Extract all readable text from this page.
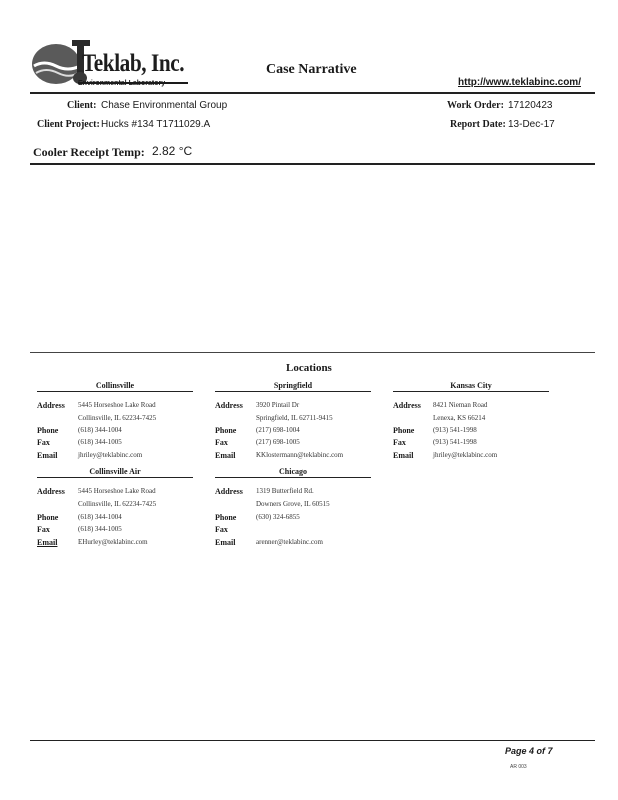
Teklab, Inc.
Environmental Laboratory
Case Narrative
http://www.teklabinc.com/
Client: Chase Environmental Group
Client Project: Hucks #134 T1711029.A
Work Order: 17120423
Report Date: 13-Dec-17
Cooler Receipt Temp: 2.82 °C
Locations
Collinsville
Address 5445 Horseshoe Lake Road
Collinsville, IL 62234-7425
Phone	(618) 344-1004
Fax	(618) 344-1005
Email	jhriley@teklabinc.com
Springfield
Address 3920 Pintail Dr
Springfield, IL 62711-9415
Phone	(217) 698-1004
Fax	(217) 698-1005
Email	KKlostermann@teklabinc.com
Kansas City
Address 8421 Nieman Road
Lenexa, KS 66214
Phone	(913) 541-1998
Fax	(913) 541-1998
Email	jhriley@teklabinc.com
Collinsville Air
Address 5445 Horseshoe Lake Road
Collinsville, IL 62234-7425
Phone	(618) 344-1004
Fax	(618) 344-1005
Email	EHurley@teklabinc.com
Chicago
Address 1319 Butterfield Rd.
Downers Grove, IL 60515
Phone	(630) 324-6855
Fax
Email	arenner@teklabinc.com
Page 4 of 7
AR 003
